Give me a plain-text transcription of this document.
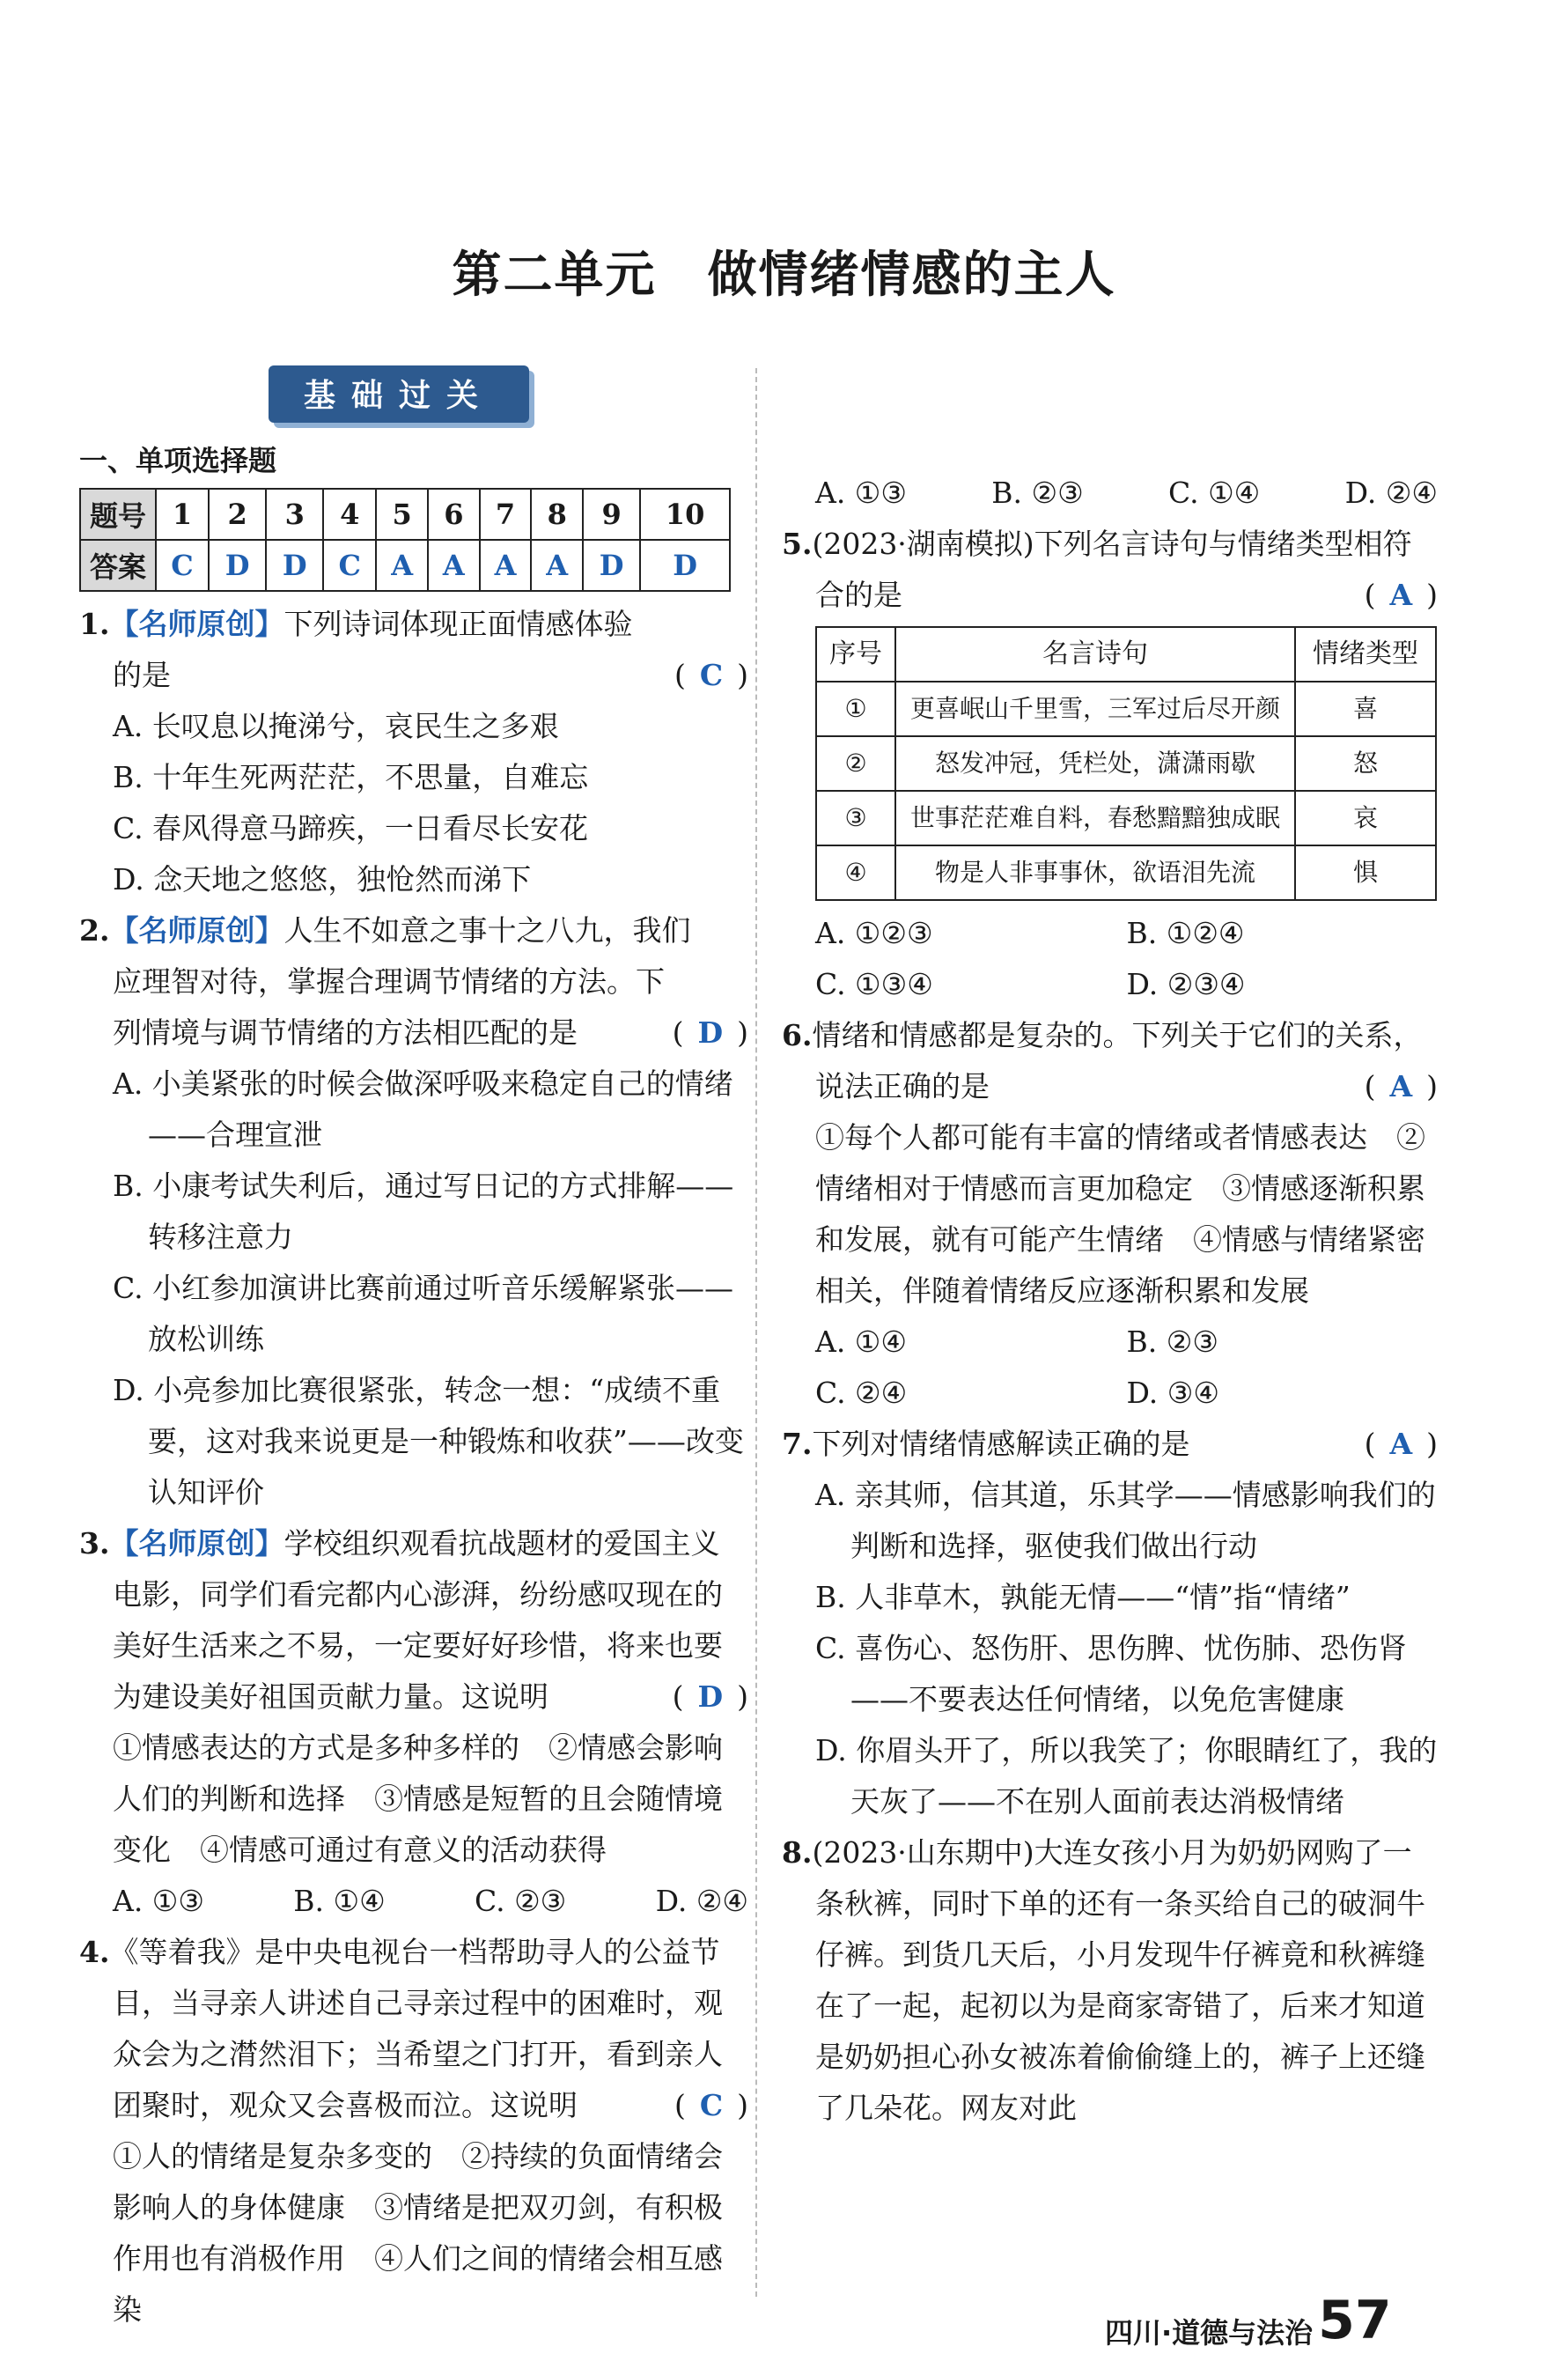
第二单元　做情绪情感的主人
基础过关
一、单项选择题
题号	1	2	3	4	5	6	7	8	9	10
答案	C	D	D	C	A	A	A	A	D	D

1.【名师原创】下列诗词体现正面情感体验

的是	( C )

A. 长叹息以掩涕兮，哀民生之多艰

B. 十年生死两茫茫，不思量，自难忘

C. 春风得意马蹄疾，一日看尽长安花

D. 念天地之悠悠，独怆然而涕下

2.【名师原创】人生不如意之事十之八九，我们

应理智对待，掌握合理调节情绪的方法。下

列情境与调节情绪的方法相匹配的是	( D )

A. 小美紧张的时候会做深呼吸来稳定自己的情绪——合理宣泄

B. 小康考试失利后，通过写日记的方式排解——转移注意力

C. 小红参加演讲比赛前通过听音乐缓解紧张——放松训练

D. 小亮参加比赛很紧张，转念一想：“成绩不重要，这对我来说更是一种锻炼和收获”——改变认知评价

3.【名师原创】学校组织观看抗战题材的爱国主义电影，同学们看完都内心澎湃，纷纷感叹现在的美好生活来之不易，一定要好好珍惜，将来也要为建设美好祖国贡献力量。这说明	( D )

①情感表达的方式是多种多样的　②情感会影响人们的判断和选择　③情感是短暂的且会随情境变化　④情感可通过有意义的活动获得

A. ①③	B. ①④	C. ②③	D. ②④

4.《等着我》是中央电视台一档帮助寻人的公益节目，当寻亲人讲述自己寻亲过程中的困难时，观众会为之潸然泪下；当希望之门打开，看到亲人团聚时，观众又会喜极而泣。这说明	( C )

①人的情绪是复杂多变的　②持续的负面情绪会影响人的身体健康　③情绪是把双刃剑，有积极作用也有消极作用　④人们之间的情绪会相互感染

A. ①③	B. ②③	C. ①④	D. ②④

5.(2023·湖南模拟)下列名言诗句与情绪类型相符合的是	( A )

序号	名言诗句	情绪类型
①	更喜岷山千里雪，三军过后尽开颜	喜
②	怒发冲冠，凭栏处，潇潇雨歇	怒
③	世事茫茫难自料，春愁黯黯独成眠	哀
④	物是人非事事休，欲语泪先流	惧
A. ①②③	B. ①②④
C. ①③④	D. ②③④

6.情绪和情感都是复杂的。下列关于它们的关系，说法正确的是	( A )

①每个人都可能有丰富的情绪或者情感表达　②情绪相对于情感而言更加稳定　③情感逐渐积累和发展，就有可能产生情绪　④情感与情绪紧密相关，伴随着情绪反应逐渐积累和发展

A. ①④	B. ②③
C. ②④	D. ③④

7.下列对情绪情感解读正确的是	( A )

A. 亲其师，信其道，乐其学——情感影响我们的判断和选择，驱使我们做出行动

B. 人非草木，孰能无情——“情”指“情绪”

C. 喜伤心、怒伤肝、思伤脾、忧伤肺、恐伤肾——不要表达任何情绪，以免危害健康

D. 你眉头开了，所以我笑了；你眼睛红了，我的天灰了——不在别人面前表达消极情绪

8.(2023·山东期中)大连女孩小月为奶奶网购了一条秋裤，同时下单的还有一条买给自己的破洞牛仔裤。到货几天后，小月发现牛仔裤竟和秋裤缝在了一起，起初以为是商家寄错了，后来才知道是奶奶担心孙女被冻着偷偷缝上的，裤子上还缝了几朵花。网友对此

四川·道德与法治 57
